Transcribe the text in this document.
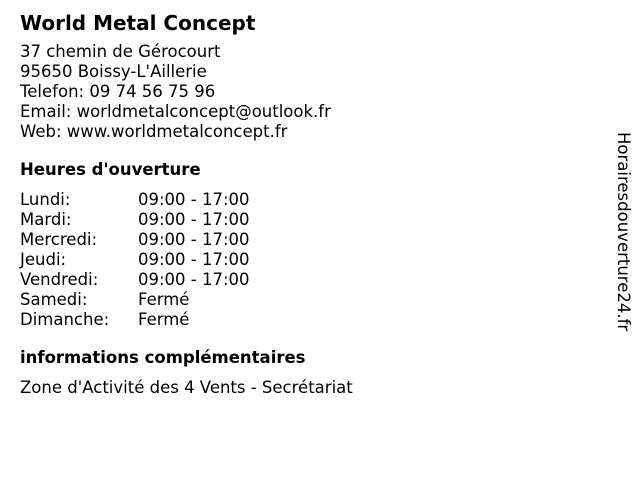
World Metal Concept
37 chemin de Gérocourt
95650 Boissy-L'Aillerie
Telefon: 09 74 56 75 96
Email: worldmetalconcept@outlook.fr
Web: www.worldmetalconcept.fr
Heures d'ouverture
Lundi:	09:00 - 17:00
Mardi:	09:00 - 17:00
Mercredi:	09:00 - 17:00
Jeudi:	09:00 - 17:00
Vendredi:	09:00 - 17:00
Samedi:	Fermé
Dimanche:	Fermé
informations complémentaires
Zone d'Activité des 4 Vents - Secrétariat
Horairesdouverture24.fr
